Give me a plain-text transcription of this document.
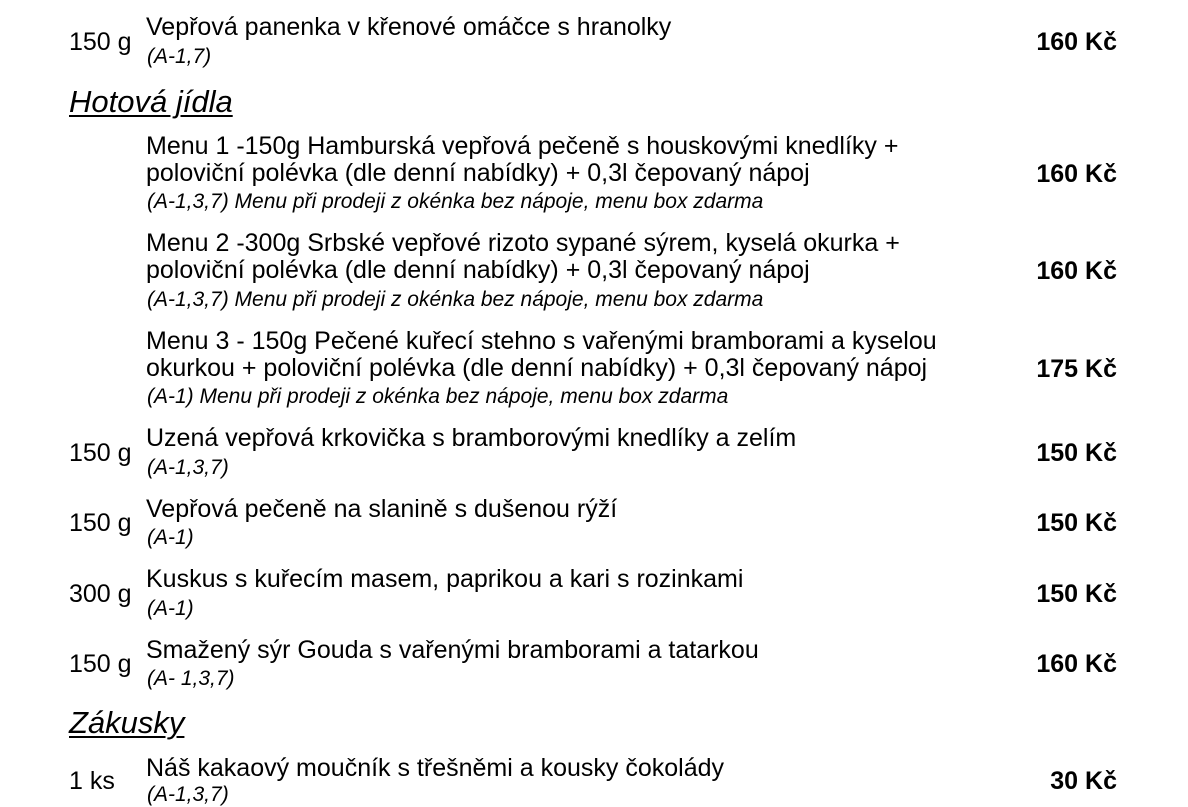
150 g
Vepřová panenka v křenové omáčce s hranolky
(A-1,7)
160 Kč
Hotová jídla
Menu 1 -150g Hamburská vepřová pečeně s houskovými knedlíky +
poloviční polévka (dle denní nabídky) + 0,3l čepovaný nápoj
(A-1,3,7) Menu při prodeji z okénka bez nápoje, menu box zdarma
160 Kč
Menu 2 -300g Srbské vepřové rizoto sypané sýrem, kyselá okurka +
poloviční polévka (dle denní nabídky) + 0,3l čepovaný nápoj
(A-1,3,7) Menu při prodeji z okénka bez nápoje, menu box zdarma
160 Kč
Menu 3 - 150g Pečené kuřecí stehno s vařenými bramborami a kyselou
okurkou + poloviční polévka (dle denní nabídky) + 0,3l čepovaný nápoj
(A-1) Menu při prodeji z okénka bez nápoje, menu box zdarma
175 Kč
150 g
Uzená vepřová krkovička s bramborovými knedlíky a zelím
(A-1,3,7)
150 Kč
150 g Vepřová pečeně na slanině s dušenou rýží
(A-1)
150 Kč
300 g
Kuskus s kuřecím masem, paprikou a kari s rozinkami
(A-1)
150 Kč
150 g Smažený sýr Gouda s vařenými bramborami a tatarkou
(A- 1,3,7)
160 Kč
Zákusky
1 ks Náš kakaový moučník s třešněmi a kousky čokolády
(A-1,3,7)	30 Kč
